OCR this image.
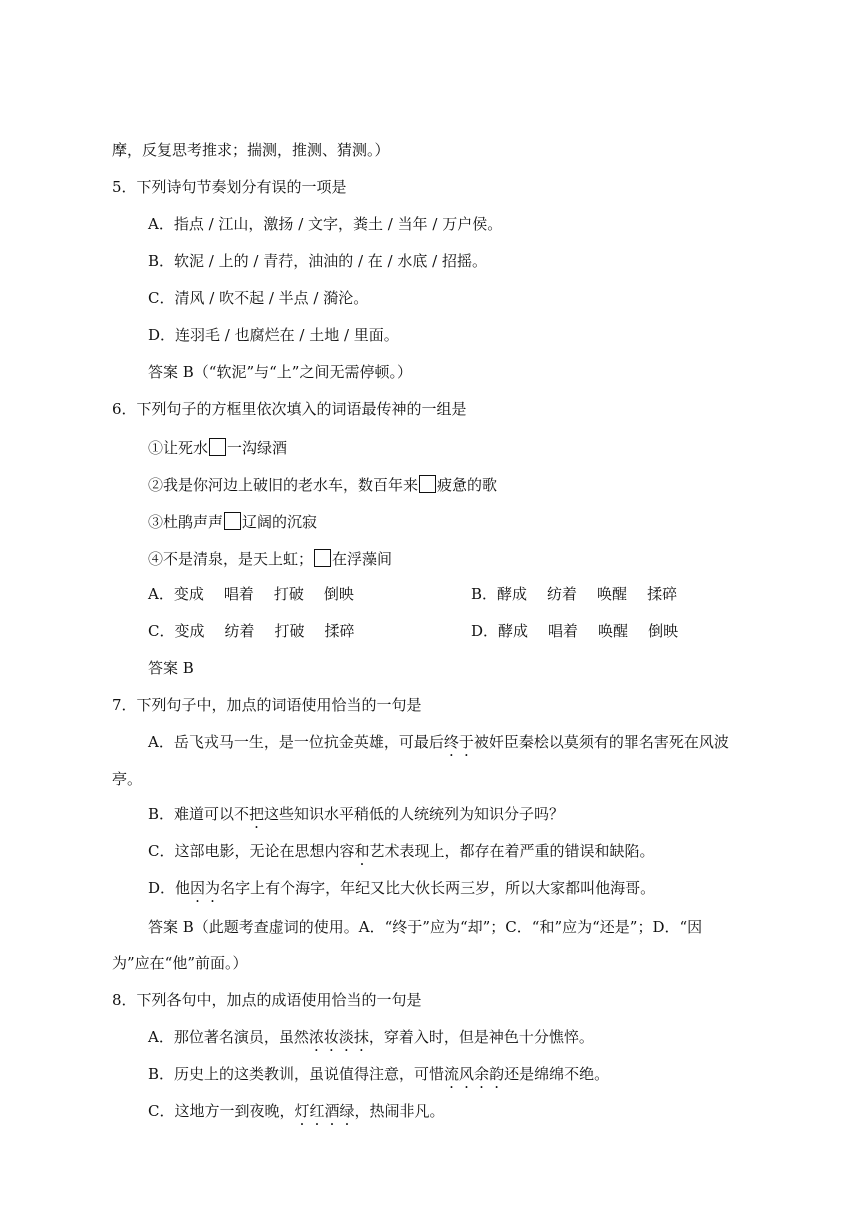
摩，反复思考推求；揣测，推测、猜测。）
5．下列诗句节奏划分有误的一项是
A．指点 / 江山，激扬 / 文字，粪土 / 当年 / 万户侯。
B．软泥 / 上的 / 青荇，油油的 / 在 / 水底 / 招摇。
C．清风 / 吹不起 / 半点 / 漪沦。
D．连羽毛 / 也腐烂在 / 土地 / 里面。
答案 B（“软泥”与“上”之间无需停顿。）
6．下列句子的方框里依次填入的词语最传神的一组是
①让死水 一沟绿酒
②我是你河边上破旧的老水车，数百年来 疲惫的歌
③杜鹃声声 辽阔的沉寂
④不是清泉，是天上虹； 在浮藻间
A．变成 唱着 打破 倒映	B．酵成 纺着 唤醒 揉碎
C．变成 纺着 打破 揉碎	D．酵成 唱着 唤醒 倒映
答案 B
7．下列句子中，加点的词语使用恰当的一句是
A．岳飞戎马一生，是一位抗金英雄，可最后终于被奸臣秦桧以莫须有的罪名害死在风波
亭。
B．难道可以不把这些知识水平稍低的人统统列为知识分子吗？
C．这部电影，无论在思想内容和艺术表现上，都存在着严重的错误和缺陷。
D．他因为名字上有个海字，年纪又比大伙长两三岁，所以大家都叫他海哥。
答案 B（此题考查虚词的使用。A．“终于”应为“却”；C．“和”应为“还是”；D．“因
为”应在“他”前面。）
8．下列各句中，加点的成语使用恰当的一句是
A．那位著名演员，虽然浓妆淡抹，穿着入时，但是神色十分憔悴。
B．历史上的这类教训，虽说值得注意，可惜流风余韵还是绵绵不绝。
C．这地方一到夜晚，灯红酒绿，热闹非凡。
